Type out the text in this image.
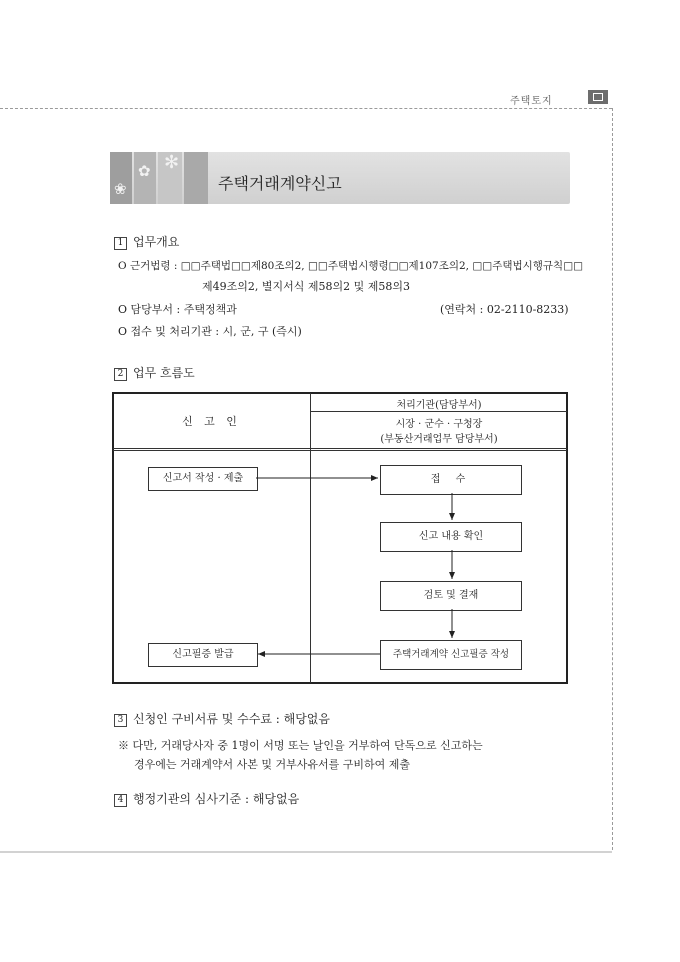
주택토지
❀
✿ ✻
주택거래계약신고
1 업무개요
O 근거법령 : □□주택법□□제80조의2, □□주택법시행령□□제107조의2, □□주택법시행규칙□□
제49조의2, 별지서식 제58의2 및 제58의3
O 담당부서 : 주택정책과	(연락처 : 02-2110-8233)
O 접수 및 처리기관 : 시, 군, 구 (즉시)
2 업무 흐름도
신 고 인
처리기관(담당부서)
시장 · 군수 · 구청장
(부동산거래업무 담당부서)
신고서 작성 · 제출	접 수
신고 내용 확인
검토 및 결재
주택거래계약 신고필증 작성
신고필증 발급
3 신청인 구비서류 및 수수료 : 해당없음
※ 다만, 거래당사자 중 1명이 서명 또는 날인을 거부하여 단독으로 신고하는
경우에는 거래계약서 사본 및 거부사유서를 구비하여 제출
4 행정기관의 심사기준 : 해당없음
